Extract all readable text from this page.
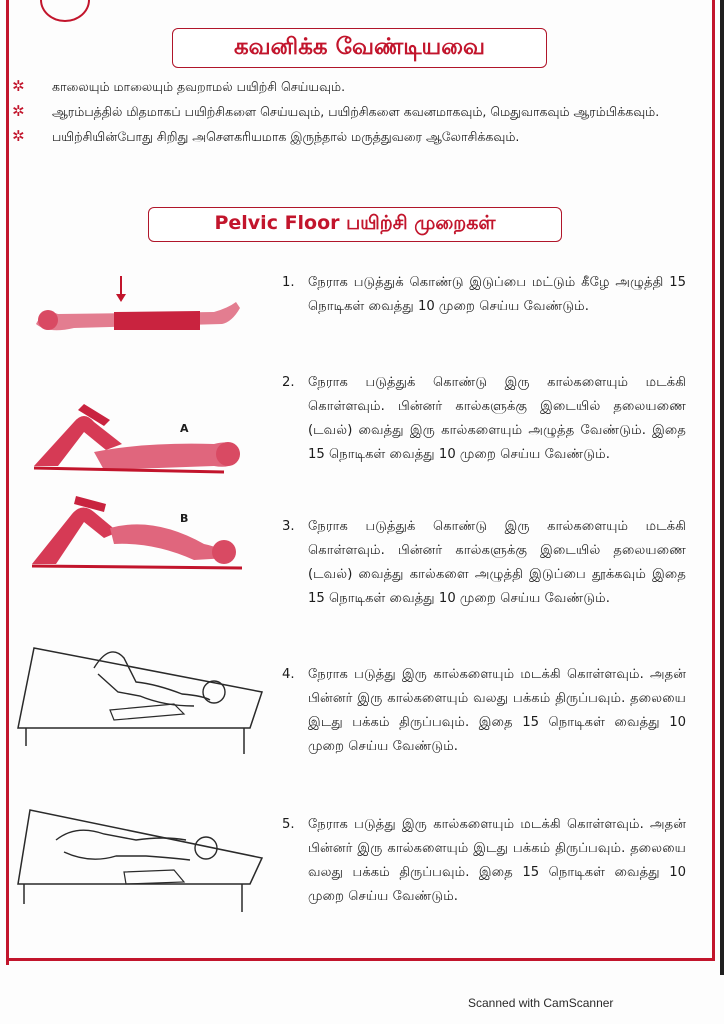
கவனிக்க வேண்டியவை
✲ காலையும் மாலையும் தவறாமல் பயிற்சி செய்யவும்.
✲ ஆரம்பத்தில் மிதமாகப் பயிற்சிகளை செய்யவும், பயிற்சிகளை கவனமாகவும், மெதுவாகவும் ஆரம்பிக்கவும்.
✲ பயிற்சியின்போது சிறிது அசௌகரியமாக இருந்தால் மருத்துவரை ஆலோசிக்கவும்.
Pelvic Floor பயிற்சி முறைகள்
A
B
1.	நேராக படுத்துக் கொண்டு இடுப்பை மட்டும் கீழே அழுத்தி 15 நொடிகள் வைத்து 10 முறை செய்ய வேண்டும்.
2.	நேராக படுத்துக் கொண்டு இரு கால்களையும் மடக்கி கொள்ளவும். பின்னர் கால்களுக்கு இடையில் தலையணை (டவல்) வைத்து இரு கால்களையும் அழுத்த வேண்டும். இதை 15 நொடிகள் வைத்து 10 முறை செய்ய வேண்டும்.
3.	நேராக படுத்துக் கொண்டு இரு கால்களையும் மடக்கி கொள்ளவும். பின்னர் கால்களுக்கு இடையில் தலையணை (டவல்) வைத்து கால்களை அழுத்தி இடுப்பை தூக்கவும் இதை 15 நொடிகள் வைத்து 10 முறை செய்ய வேண்டும்.
4.	நேராக படுத்து இரு கால்களையும் மடக்கி கொள்ளவும். அதன் பின்னர் இரு கால்களையும் வலது பக்கம் திருப்பவும். தலையை இடது பக்கம் திருப்பவும். இதை 15 நொடிகள் வைத்து 10 முறை செய்ய வேண்டும்.
5.	நேராக படுத்து இரு கால்களையும் மடக்கி கொள்ளவும். அதன் பின்னர் இரு கால்களையும் இடது பக்கம் திருப்பவும். தலையை வலது பக்கம் திருப்பவும். இதை 15 நொடிகள் வைத்து 10 முறை செய்ய வேண்டும்.
Scanned with CamScanner
